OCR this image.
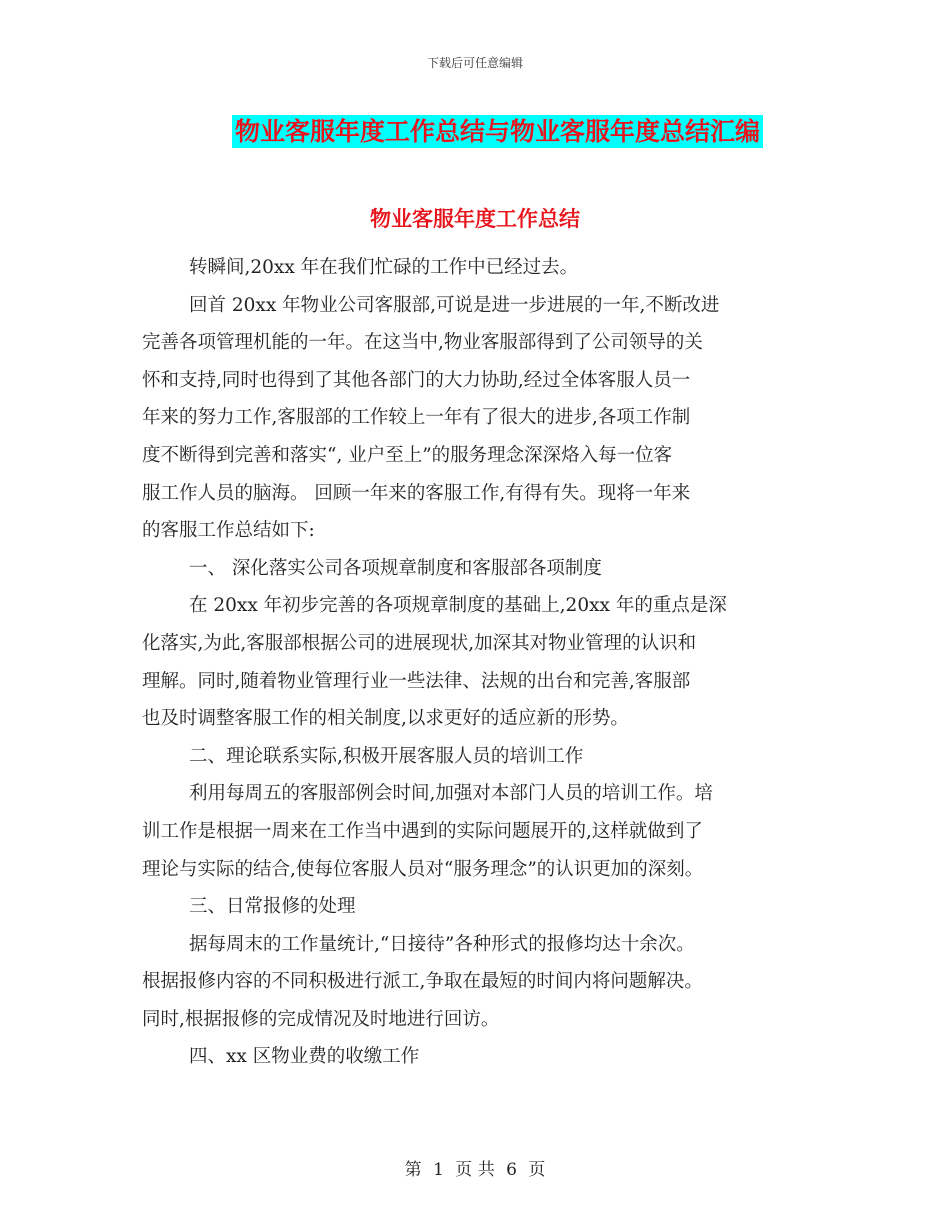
下载后可任意编辑
物业客服年度工作总结与物业客服年度总结汇编
物业客服年度工作总结
转瞬间,20xx 年在我们忙碌的工作中已经过去。
回首 20xx 年物业公司客服部,可说是进一步进展的一年,不断改进
完善各项管理机能的一年。在这当中,物业客服部得到了公司领导的关
怀和支持,同时也得到了其他各部门的大力协助,经过全体客服人员一
年来的努力工作,客服部的工作较上一年有了很大的进步,各项工作制
度不断得到完善和落实“, 业户至上”的服务理念深深烙入每一位客
服工作人员的脑海。 回顾一年来的客服工作,有得有失。现将一年来
的客服工作总结如下:
一、 深化落实公司各项规章制度和客服部各项制度
在 20xx 年初步完善的各项规章制度的基础上,20xx 年的重点是深
化落实,为此,客服部根据公司的进展现状,加深其对物业管理的认识和
理解。同时,随着物业管理行业一些法律、法规的出台和完善,客服部
也及时调整客服工作的相关制度,以求更好的适应新的形势。
二、理论联系实际,积极开展客服人员的培训工作
利用每周五的客服部例会时间,加强对本部门人员的培训工作。培
训工作是根据一周来在工作当中遇到的实际问题展开的,这样就做到了
理论与实际的结合,使每位客服人员对“服务理念”的认识更加的深刻。
三、日常报修的处理
据每周末的工作量统计,“日接待”各种形式的报修均达十余次。
根据报修内容的不同积极进行派工,争取在最短的时间内将问题解决。
同时,根据报修的完成情况及时地进行回访。
四、xx 区物业费的收缴工作
第 1 页 共 6 页
